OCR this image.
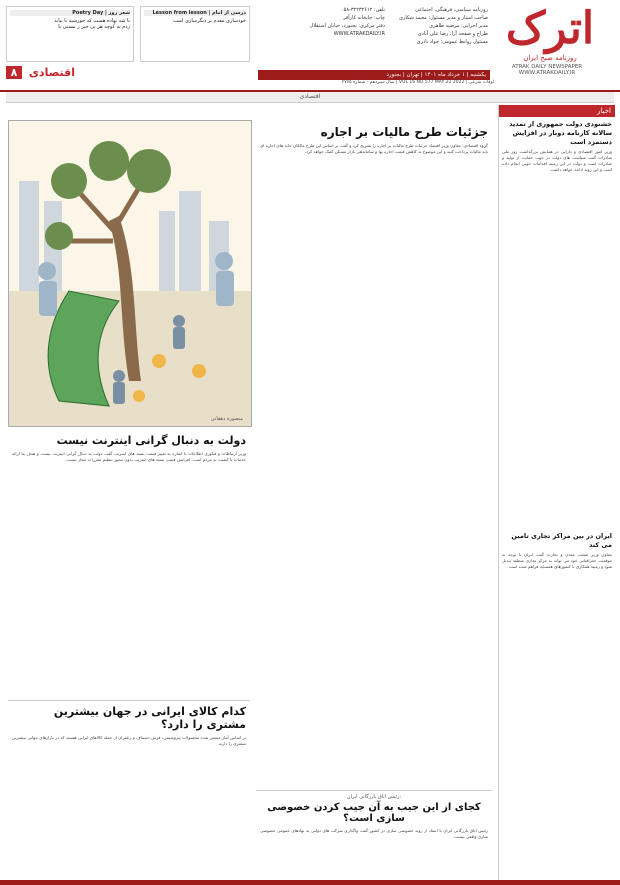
اترک
روزنامه صبح ایران
ATRAK DAILY NEWSPAPER
WWW.ATRAKDAILY.IR
روزنامه سیاسی، فرهنگی، اجتماعی
صاحب امتیاز و مدیر مسئول: محمد شکاری
مدیر اجرایی: مرضیه طاهری
طراح و صفحه آرا: رضا علی آبادی
مسئول روابط عمومی: جواد نادری
تلفن: ۳۲۲۳۲۶۱۲-۰۵۸
چاپ: چاپخانه کارآفر
دفتر مرکزی: بجنورد، خیابان استقلال
WWW.ATRAKDAILY.IR
Lesson from lesson | درسی از امام
خودسازی مقدم بر دیگرسازی است
Poetry Day | شعر روز
با شه نهاده هست که خورشید با بیاید
زدم به کوچه هر بی خبر ز مستی با
۸ اقتصادی	یکشنبه | ۱ خرداد ماه ۱۴۰۱ | تهران | بجنورد
سال سیزدهم - شماره ۲۷۷۵ | VOL 16 NO 577 MAY 22 2022 | اوقات شرعی
اقتصادی
اخبار
خشنودی دولت جمهوری از تمدید سالانه کارنامه دوبار در افزایش دستمزد است
وزیر امور اقتصادی و دارایی در همایش بزرگداشت روز ملی صادرات گفت سیاست های دولت در جهت حمایت از تولید و صادرات است و دولت در این زمینه اقدامات خوبی انجام داده است و این روند ادامه خواهد داشت.
ایران در بین مراکز تجاری تامین می کند
معاون وزیر صنعت معدن و تجارت گفت ایران با توجه به موقعیت جغرافیایی خود می تواند به مرکز تجاری منطقه تبدیل شود و زمینه همکاری با کشورهای همسایه فراهم شده است.
جزئیات طرح مالیات بر اجاره
گروه اقتصادی: معاون وزیر اقتصاد جزئیات طرح مالیات بر اجاره را تشریح کرد و گفت بر اساس این طرح مالکان خانه های اجاره ای باید مالیات پرداخت کنند و این موضوع به کاهش قیمت اجاره بها و ساماندهی بازار مسکن کمک خواهد کرد.
منصوره دهقانی
دولت به دنبال گرانی اینترنت نیست
وزیر ارتباطات و فناوری اطلاعات با اشاره به تغییر قیمت بسته های اینترنت گفت دولت به دنبال گرانی اینترنت نیست و هدف ما ارائه خدمات با کیفیت به مردم است. افزایش قیمت بسته های اینترنت بدون مجوز تنظیم مقررات مجاز نیست.
کدام کالای ایرانی در جهان بیشترین مشتری را دارد؟
بر اساس آمار منتشر شده محصولات پتروشیمی، فرش دستباف و زعفران از جمله کالاهای ایرانی هستند که در بازارهای جهانی بیشترین مشتری را دارند.
رئیس اتاق بازرگانی ایران:
کجای از این جیب به آن جیب کردن خصوصی سازی است؟
رئیس اتاق بازرگانی ایران با انتقاد از روند خصوصی سازی در کشور گفت واگذاری شرکت های دولتی به نهادهای عمومی خصوصی سازی واقعی نیست.
